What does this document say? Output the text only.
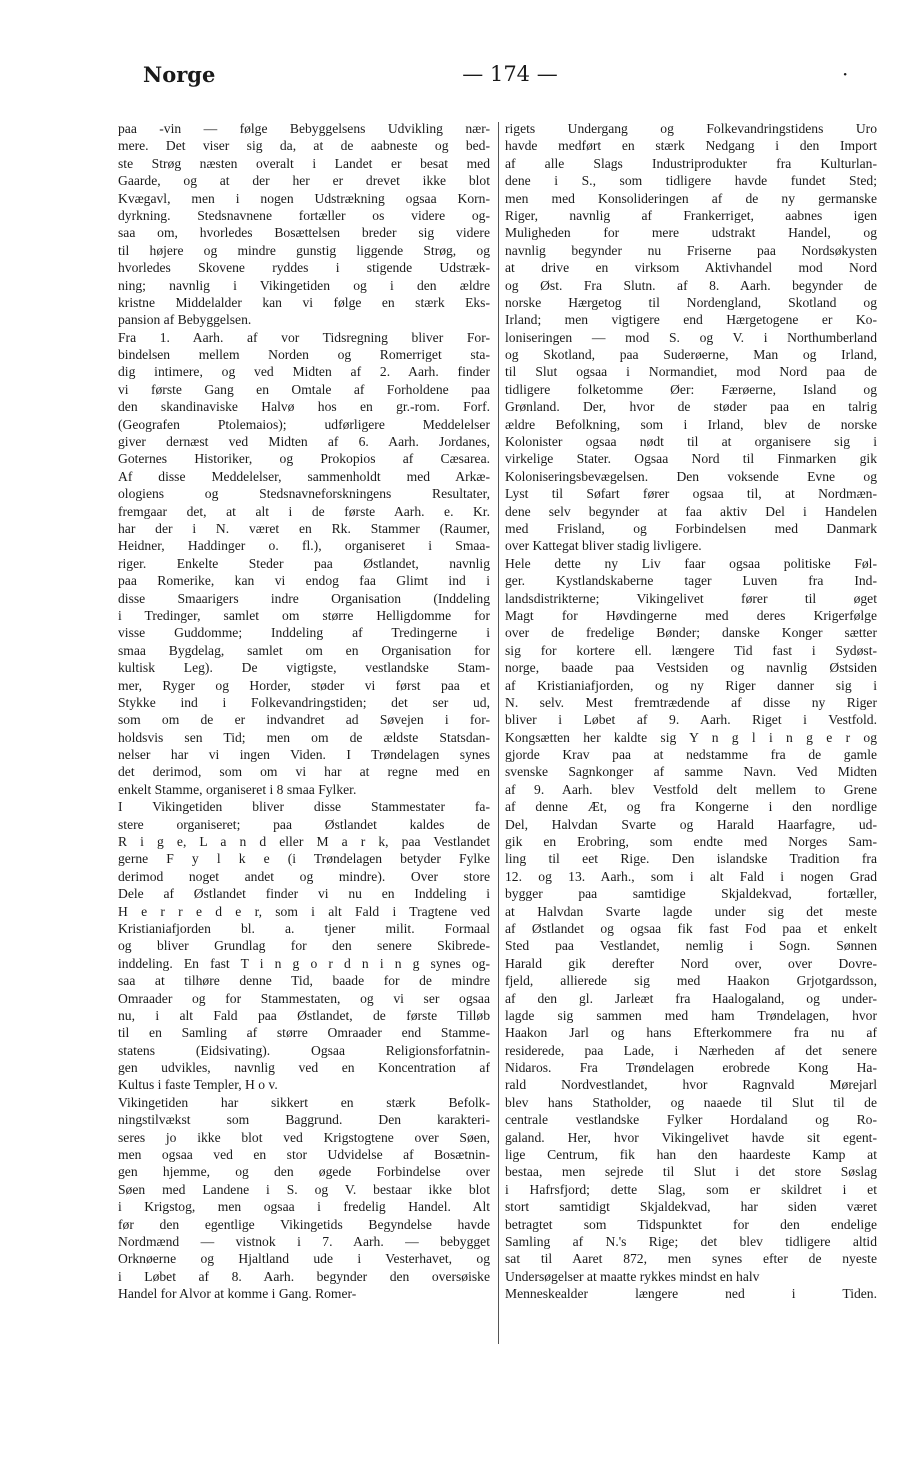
Norge	— 174 —	·
paa -vin — følge Bebyggelsens Udvikling nær-
mere. Det viser sig da, at de aabneste og bed-
ste Strøg næsten overalt i Landet er besat med
Gaarde, og at der her er drevet ikke blot
Kvægavl, men i nogen Udstrækning ogsaa Korn-
dyrkning. Stedsnavnene fortæller os videre og-
saa om, hvorledes Bosættelsen breder sig videre
til højere og mindre gunstig liggende Strøg, og
hvorledes Skovene ryddes i stigende Udstræk-
ning; navnlig i Vikingetiden og i den ældre
kristne Middelalder kan vi følge en stærk Eks-
pansion af Bebyggelsen.
Fra 1. Aarh. af vor Tidsregning bliver For-
bindelsen mellem Norden og Romerriget sta-
dig intimere, og ved Midten af 2. Aarh. finder
vi første Gang en Omtale af Forholdene paa
den skandinaviske Halvø hos en gr.-rom. Forf.
(Geografen Ptolemaios); udførligere Meddelelser
giver dernæst ved Midten af 6. Aarh. Jordanes,
Goternes Historiker, og Prokopios af Cæsarea.
Af disse Meddelelser, sammenholdt med Arkæ-
ologiens og Stedsnavneforskningens Resultater,
fremgaar det, at alt i de første Aarh. e. Kr.
har der i N. været en Rk. Stammer (Raumer,
Heidner, Haddinger o. fl.), organiseret i Smaa-
riger. Enkelte Steder paa Østlandet, navnlig
paa Romerike, kan vi endog faa Glimt ind i
disse Smaarigers indre Organisation (Inddeling
i Tredinger, samlet om større Helligdomme for
visse Guddomme; Inddeling af Tredingerne i
smaa Bygdelag, samlet om en Organisation for
kultisk Leg). De vigtigste, vestlandske Stam-
mer, Ryger og Horder, støder vi først paa et
Stykke ind i Folkevandringstiden; det ser ud,
som om de er indvandret ad Søvejen i for-
holdsvis sen Tid; men om de ældste Statsdan-
nelser har vi ingen Viden. I Trøndelagen synes
det derimod, som om vi har at regne med en
enkelt Stamme, organiseret i 8 smaa Fylker.
I Vikingetiden bliver disse Stammestater fa-
stere organiseret; paa Østlandet kaldes de
R i g e, L a n d eller M a r k, paa Vestlandet
gerne F y l k e (i Trøndelagen betyder Fylke
derimod noget andet og mindre). Over store
Dele af Østlandet finder vi nu en Inddeling i
H e r r e d e r, som i alt Fald i Tragtene ved
Kristianiafjorden bl. a. tjener milit. Formaal
og bliver Grundlag for den senere Skibrede-
inddeling. En fast T i n g o r d n i n g synes og-
saa at tilhøre denne Tid, baade for de mindre
Omraader og for Stammestaten, og vi ser ogsaa
nu, i alt Fald paa Østlandet, de første Tilløb
til en Samling af større Omraader end Stamme-
statens (Eidsivating). Ogsaa Religionsforfatnin-
gen udvikles, navnlig ved en Koncentration af
Kultus i faste Templer, H o v.
Vikingetiden har sikkert en stærk Befolk-
ningstilvækst som Baggrund. Den karakteri-
seres jo ikke blot ved Krigstogtene over Søen,
men ogsaa ved en stor Udvidelse af Bosætnin-
gen hjemme, og den øgede Forbindelse over
Søen med Landene i S. og V. bestaar ikke blot
i Krigstog, men ogsaa i fredelig Handel. Alt
før den egentlige Vikingetids Begyndelse havde
Nordmænd — vistnok i 7. Aarh. — bebygget
Orknøerne og Hjaltland ude i Vesterhavet, og
i Løbet af 8. Aarh. begynder den oversøiske
Handel for Alvor at komme i Gang. Romer-
rigets Undergang og Folkevandringstidens Uro
havde medført en stærk Nedgang i den Import
af alle Slags Industriprodukter fra Kulturlan-
dene i S., som tidligere havde fundet Sted;
men med Konsolideringen af de ny germanske
Riger, navnlig af Frankerriget, aabnes igen
Muligheden for mere udstrakt Handel, og
navnlig begynder nu Friserne paa Nordsøkysten
at drive en virksom Aktivhandel mod Nord
og Øst. Fra Slutn. af 8. Aarh. begynder de
norske Hærgetog til Nordengland, Skotland og
Irland; men vigtigere end Hærgetogene er Ko-
loniseringen — mod S. og V. i Northumberland
og Skotland, paa Suderøerne, Man og Irland,
til Slut ogsaa i Normandiet, mod Nord paa de
tidligere folketomme Øer: Færøerne, Island og
Grønland. Der, hvor de støder paa en talrig
ældre Befolkning, som i Irland, blev de norske
Kolonister ogsaa nødt til at organisere sig i
virkelige Stater. Ogsaa Nord til Finmarken gik
Koloniseringsbevægelsen. Den voksende Evne og
Lyst til Søfart fører ogsaa til, at Nordmæn-
dene selv begynder at faa aktiv Del i Handelen
med Frisland, og Forbindelsen med Danmark
over Kattegat bliver stadig livligere.
Hele dette ny Liv faar ogsaa politiske Føl-
ger. Kystlandskaberne tager Luven fra Ind-
landsdistrikterne; Vikingelivet fører til øget
Magt for Høvdingerne med deres Krigerfølge
over de fredelige Bønder; danske Konger sætter
sig for kortere ell. længere Tid fast i Sydøst-
norge, baade paa Vestsiden og navnlig Østsiden
af Kristianiafjorden, og ny Riger danner sig i
N. selv. Mest fremtrædende af disse ny Riger
bliver i Løbet af 9. Aarh. Riget i Vestfold.
Kongsætten her kaldte sig Y n g l i n g e r og
gjorde Krav paa at nedstamme fra de gamle
svenske Sagnkonger af samme Navn. Ved Midten
af 9. Aarh. blev Vestfold delt mellem to Grene
af denne Æt, og fra Kongerne i den nordlige
Del, Halvdan Svarte og Harald Haarfagre, ud-
gik en Erobring, som endte med Norges Sam-
ling til eet Rige. Den islandske Tradition fra
12. og 13. Aarh., som i alt Fald i nogen Grad
bygger paa samtidige Skjaldekvad, fortæller,
at Halvdan Svarte lagde under sig det meste
af Østlandet og ogsaa fik fast Fod paa et enkelt
Sted paa Vestlandet, nemlig i Sogn. Sønnen
Harald gik derefter Nord over, over Dovre-
fjeld, allierede sig med Haakon Grjotgardsson,
af den gl. Jarleæt fra Haalogaland, og under-
lagde sig sammen med ham Trøndelagen, hvor
Haakon Jarl og hans Efterkommere fra nu af
residerede, paa Lade, i Nærheden af det senere
Nidaros. Fra Trøndelagen erobrede Kong Ha-
rald Nordvestlandet, hvor Ragnvald Mørejarl
blev hans Statholder, og naaede til Slut til de
centrale vestlandske Fylker Hordaland og Ro-
galand. Her, hvor Vikingelivet havde sit egent-
lige Centrum, fik han den haardeste Kamp at
bestaa, men sejrede til Slut i det store Søslag
i Hafrsfjord; dette Slag, som er skildret i et
stort samtidigt Skjaldekvad, har siden været
betragtet som Tidspunktet for den endelige
Samling af N.'s Rige; det blev tidligere altid
sat til Aaret 872, men synes efter de nyeste
Undersøgelser at maatte rykkes mindst en halv
Menneskealder længere ned i Tiden.
